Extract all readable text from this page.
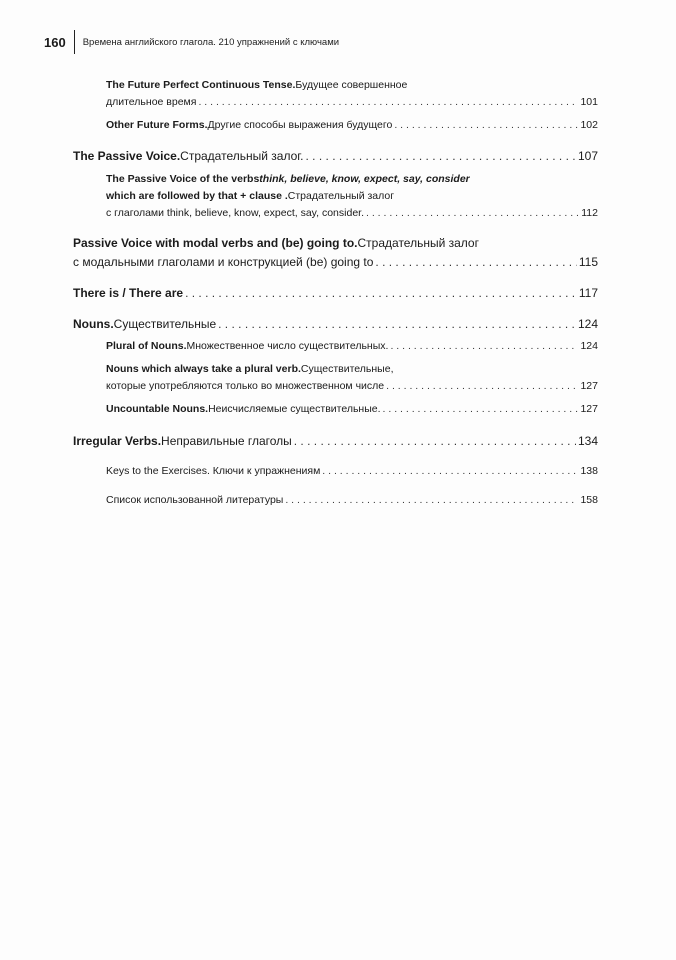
160	Времена английского глагола. 210 упражнений с ключами
The Future Perfect Continuous Tense. Будущее совершенное
длительное время . . .	101
Other Future Forms. Другие способы выражения будущего . . .	102
The Passive Voice. Страдательный залог. . . .	107
The Passive Voice of the verbs think, believe, know, expect, say, consider
which are followed by that + clause . Страдательный залог
с глаголами think, believe, know, expect, say, consider. . . .	112
Passive Voice with modal verbs and (be) going to. Страдательный залог
с модальными глаголами и конструкцией (be) going to . . .	115
There is / There are . . .	117
Nouns. Существительные . . .	124
Plural of Nouns. Множественное число существительных. . . .	124
Nouns which always take a plural verb. Существительные,
которые употребляются только во множественном числе . . .	127
Uncountable Nouns. Неисчисляемые существительные. . . .	127
Irregular Verbs. Неправильные глаголы . . .	134
Keys to the Exercises. Ключи к упражнениям . . .	138
Список использованной литературы . . .	158
